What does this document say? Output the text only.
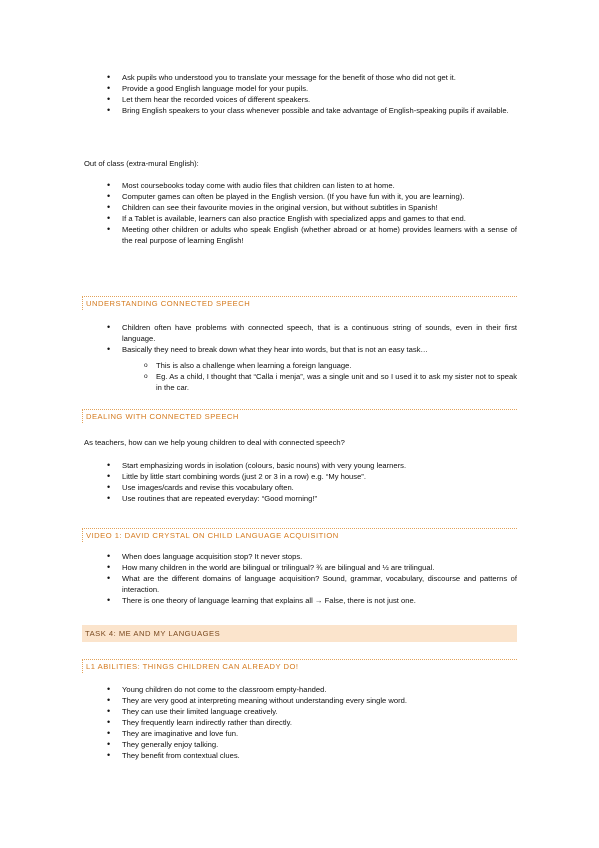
• Ask pupils who understood you to translate your message for the benefit of those who did not get it.
• Provide a good English language model for your pupils.
• Let them hear the recorded voices of different speakers.
• Bring English speakers to your class whenever possible and take advantage of English-speaking pupils if available.
Out of class (extra-mural English):
• Most coursebooks today come with audio files that children can listen to at home.
• Computer games can often be played in the English version. (If you have fun with it, you are learning).
• Children can see their favourite movies in the original version, but without subtitles in Spanish!
• If a Tablet is available, learners can also practice English with specialized apps and games to that end.
• Meeting other children or adults who speak English (whether abroad or at home) provides learners with a sense of the real purpose of learning English!
UNDERSTANDING CONNECTED SPEECH
• Children often have problems with connected speech, that is a continuous string of sounds, even in their first language.
• Basically they need to break down what they hear into words, but that is not an easy task…
o This is also a challenge when learning a foreign language.
o Eg. As a child, I thought that “Calla i menja”, was a single unit and so I used it to ask my sister not to speak in the car.
DEALING WITH CONNECTED SPEECH
As teachers, how can we help young children to deal with connected speech?
• Start emphasizing words in isolation (colours, basic nouns) with very young learners.
• Little by little start combining words (just 2 or 3 in a row) e.g. “My house”.
• Use images/cards and revise this vocabulary often.
• Use routines that are repeated everyday: “Good morning!”
VIDEO 1: DAVID CRYSTAL ON CHILD LANGUAGE ACQUISITION
• When does language acquisition stop? It never stops.
• How many children in the world are bilingual or trilingual? ¾ are bilingual and ½ are trilingual.
• What are the different domains of language acquisition? Sound, grammar, vocabulary, discourse and patterns of interaction.
• There is one theory of language learning that explains all → False, there is not just one.
TASK 4: ME AND MY LANGUAGES
L1 ABILITIES: THINGS CHILDREN CAN ALREADY DO!
• Young children do not come to the classroom empty-handed.
• They are very good at interpreting meaning without understanding every single word.
• They can use their limited language creatively.
• They frequently learn indirectly rather than directly.
• They are imaginative and love fun.
• They generally enjoy talking.
• They benefit from contextual clues.
